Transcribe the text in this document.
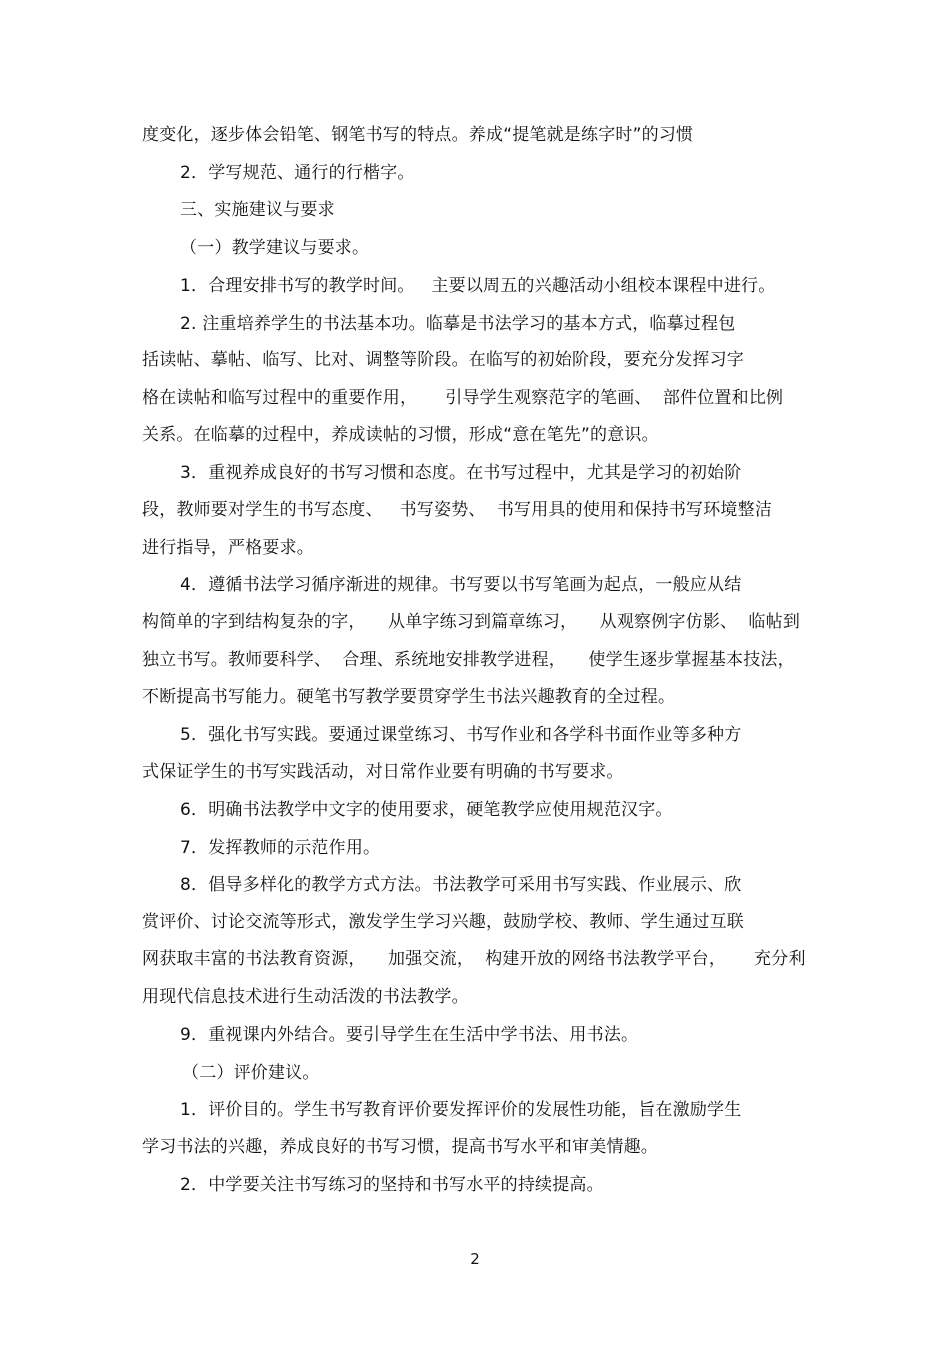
度变化，逐步体会铅笔、钢笔书写的特点。养成“提笔就是练字时”的习惯
2．学写规范、通行的行楷字。
三、实施建议与要求
（一）教学建议与要求。
1．合理安排书写的教学时间。   主要以周五的兴趣活动小组校本课程中进行。
2. 注重培养学生的书法基本功。临摹是书法学习的基本方式，临摹过程包
括读帖、摹帖、临写、比对、调整等阶段。在临写的初始阶段，要充分发挥习字
格在读帖和临写过程中的重要作用，     引导学生观察范字的笔画、  部件位置和比例
关系。在临摹的过程中，养成读帖的习惯，形成“意在笔先”的意识。
3．重视养成良好的书写习惯和态度。在书写过程中，尤其是学习的初始阶
段，教师要对学生的书写态度、   书写姿势、  书写用具的使用和保持书写环境整洁
进行指导，严格要求。
4．遵循书法学习循序渐进的规律。书写要以书写笔画为起点，一般应从结
构简单的字到结构复杂的字，    从单字练习到篇章练习，    从观察例字仿影、  临帖到
独立书写。教师要科学、  合理、系统地安排教学进程，    使学生逐步掌握基本技法，
不断提高书写能力。硬笔书写教学要贯穿学生书法兴趣教育的全过程。
5．强化书写实践。要通过课堂练习、书写作业和各学科书面作业等多种方
式保证学生的书写实践活动，对日常作业要有明确的书写要求。
6．明确书法教学中文字的使用要求，硬笔教学应使用规范汉字。
7．发挥教师的示范作用。
8．倡导多样化的教学方式方法。书法教学可采用书写实践、作业展示、欣
赏评价、讨论交流等形式，激发学生学习兴趣，鼓励学校、教师、学生通过互联
网获取丰富的书法教育资源，    加强交流，  构建开放的网络书法教学平台，     充分利
用现代信息技术进行生动活泼的书法教学。
9．重视课内外结合。要引导学生在生活中学书法、用书法。
（二）评价建议。
1．评价目的。学生书写教育评价要发挥评价的发展性功能，旨在激励学生
学习书法的兴趣，养成良好的书写习惯，提高书写水平和审美情趣。
2．中学要关注书写练习的坚持和书写水平的持续提高。
2
